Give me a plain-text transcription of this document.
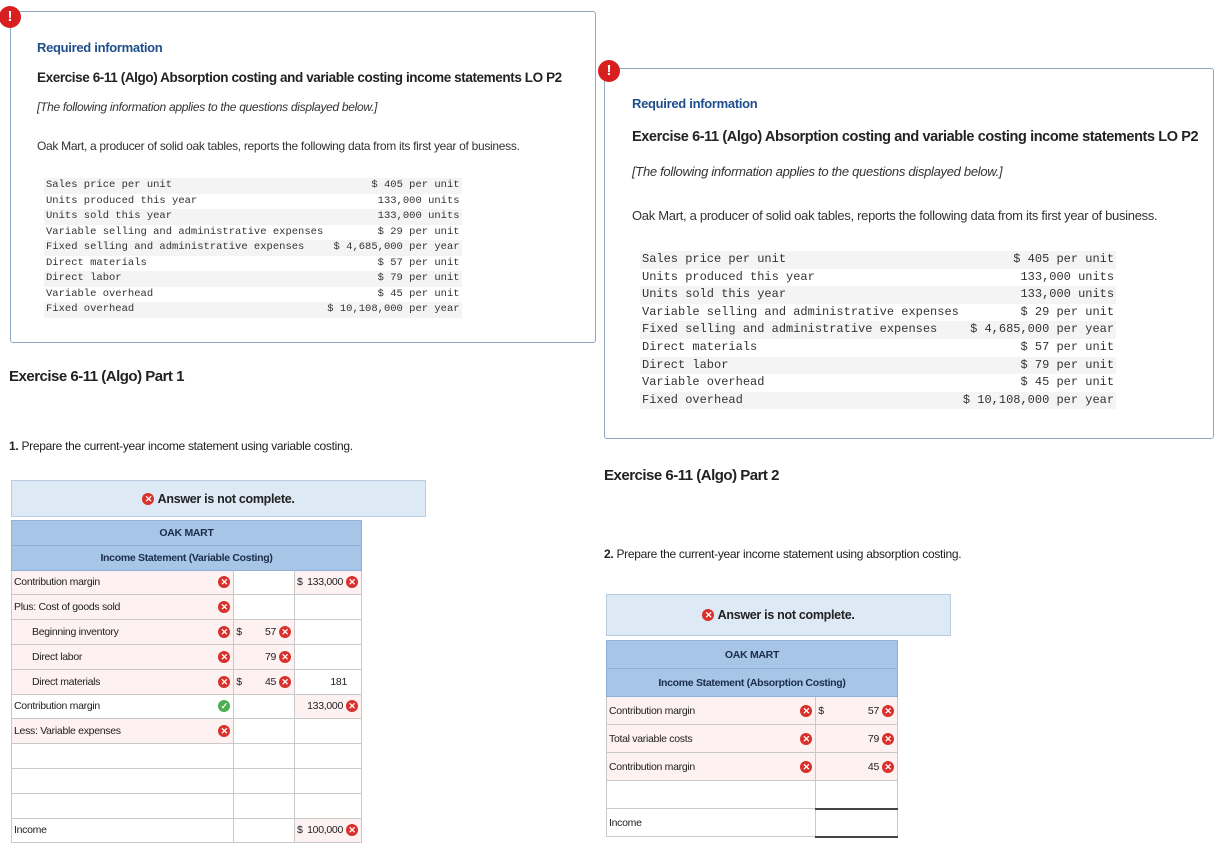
!
Required information
Exercise 6-11 (Algo) Absorption costing and variable costing income statements LO P2
[The following information applies to the questions displayed below.]
Oak Mart, a producer of solid oak tables, reports the following data from its first year of business.
Sales price per unit	$ 405 per unit
Units produced this year	133,000 units
Units sold this year	133,000 units
Variable selling and administrative expenses	$ 29 per unit
Fixed selling and administrative expenses	$ 4,685,000 per year
Direct materials	$ 57 per unit
Direct labor	$ 79 per unit
Variable overhead	$ 45 per unit
Fixed overhead	$ 10,108,000 per year
Exercise 6-11 (Algo) Part 1
1. Prepare the current-year income statement using variable costing.
✕
Answer is not complete.
OAK MART		
Income Statement (Variable Costing)		
Contribution margin ✕		$ 133,000 ✕

Plus: Cost of goods sold ✕		

Beginning inventory ✕	$ 57 ✕	

Direct labor ✕	79 ✕	

Direct materials ✕	$ 45 ✕	181
Contribution margin ✓		133,000 ✕

Less: Variable expenses ✕		

Income		$ 100,000 ✕
!
Required information
Exercise 6-11 (Algo) Absorption costing and variable costing income statements LO P2
[The following information applies to the questions displayed below.]
Oak Mart, a producer of solid oak tables, reports the following data from its first year of business.
Sales price per unit	$ 405 per unit
Units produced this year	133,000 units
Units sold this year	133,000 units
Variable selling and administrative expenses	$ 29 per unit
Fixed selling and administrative expenses	$ 4,685,000 per year
Direct materials	$ 57 per unit
Direct labor	$ 79 per unit
Variable overhead	$ 45 per unit
Fixed overhead	$ 10,108,000 per year
Exercise 6-11 (Algo) Part 2
2. Prepare the current-year income statement using absorption costing.
✕
Answer is not complete.
OAK MART	
Income Statement (Absorption Costing)	
Contribution margin ✕	$ 57 ✕

Total variable costs ✕	79 ✕

Contribution margin ✕	45 ✕

Income	
